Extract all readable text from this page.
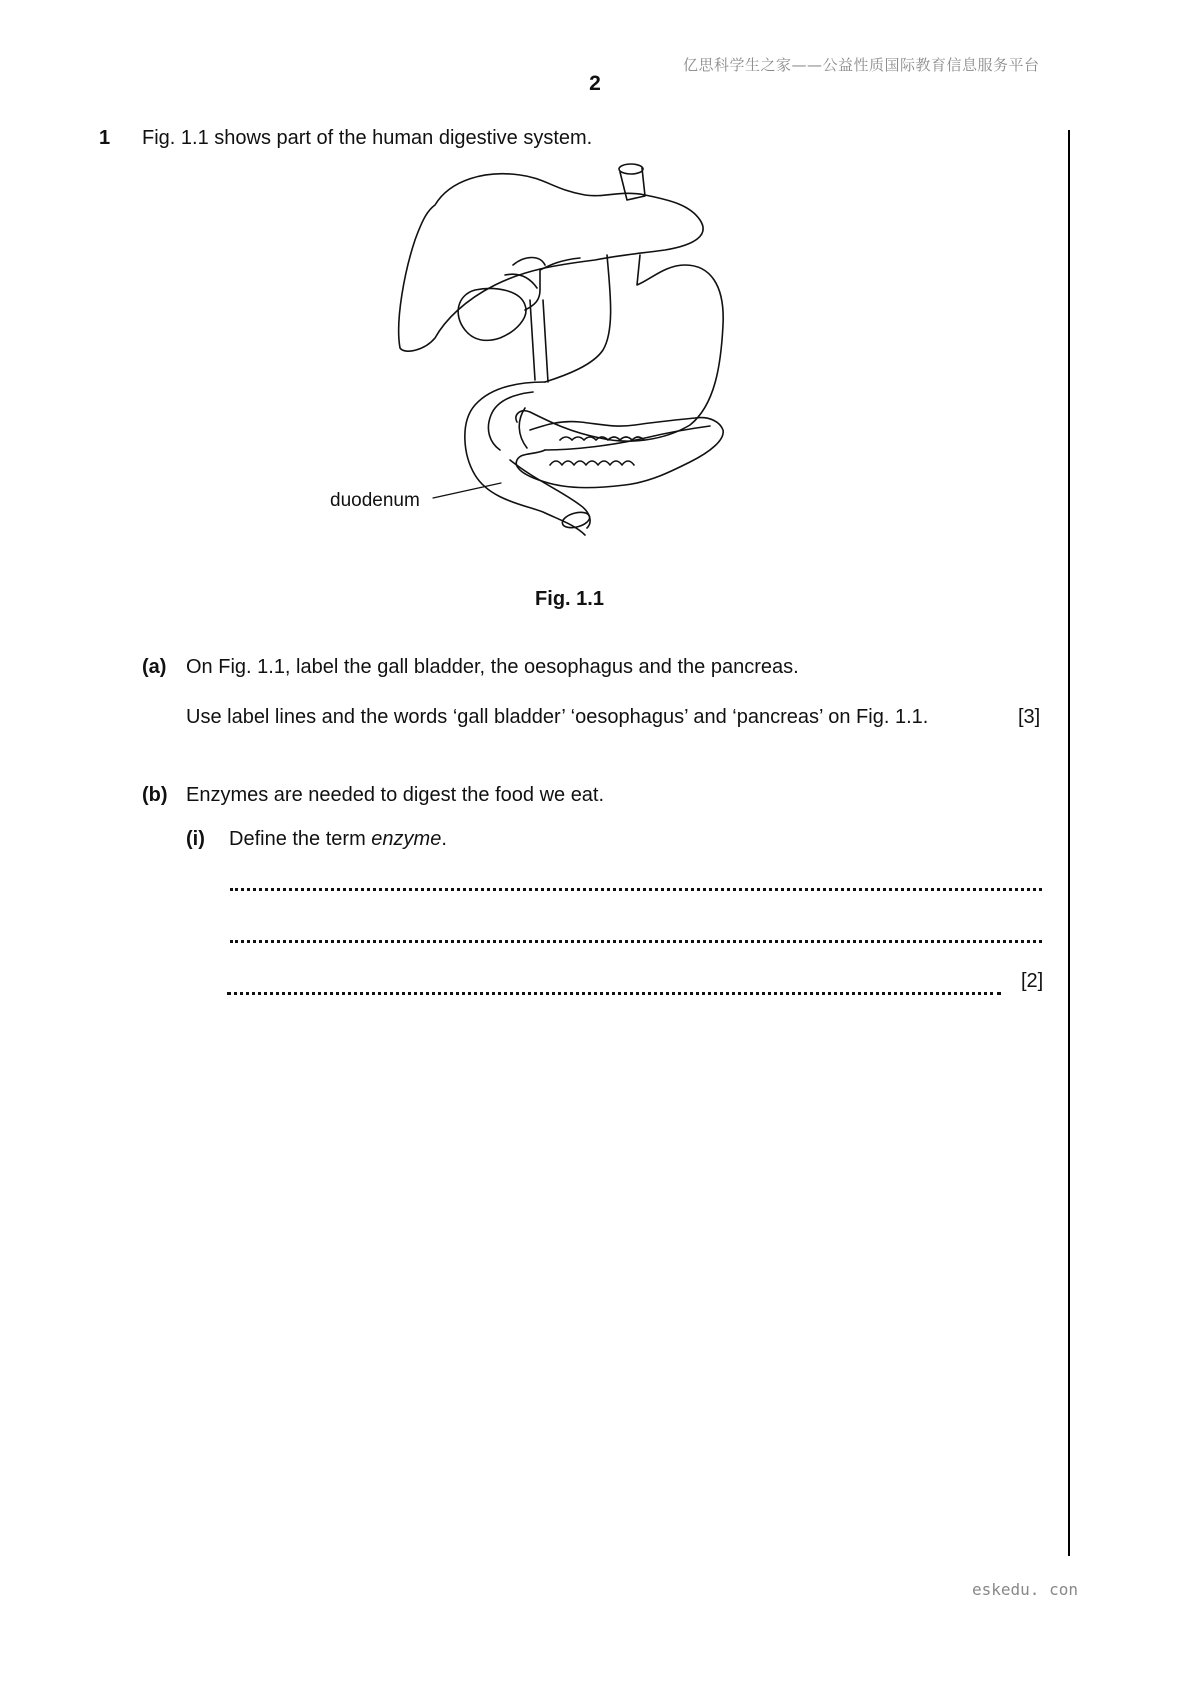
亿思科学生之家——公益性质国际教育信息服务平台
2
1 Fig. 1.1 shows part of the human digestive system.
duodenum
Fig. 1.1
(a) On Fig. 1.1, label the gall bladder, the oesophagus and the pancreas.
Use label lines and the words ‘gall bladder’ ‘oesophagus’ and ‘pancreas’ on Fig. 1.1.	[3]
(b) Enzymes are needed to digest the food we eat.
(i) Define the term enzyme.
[2]
eskedu. con
